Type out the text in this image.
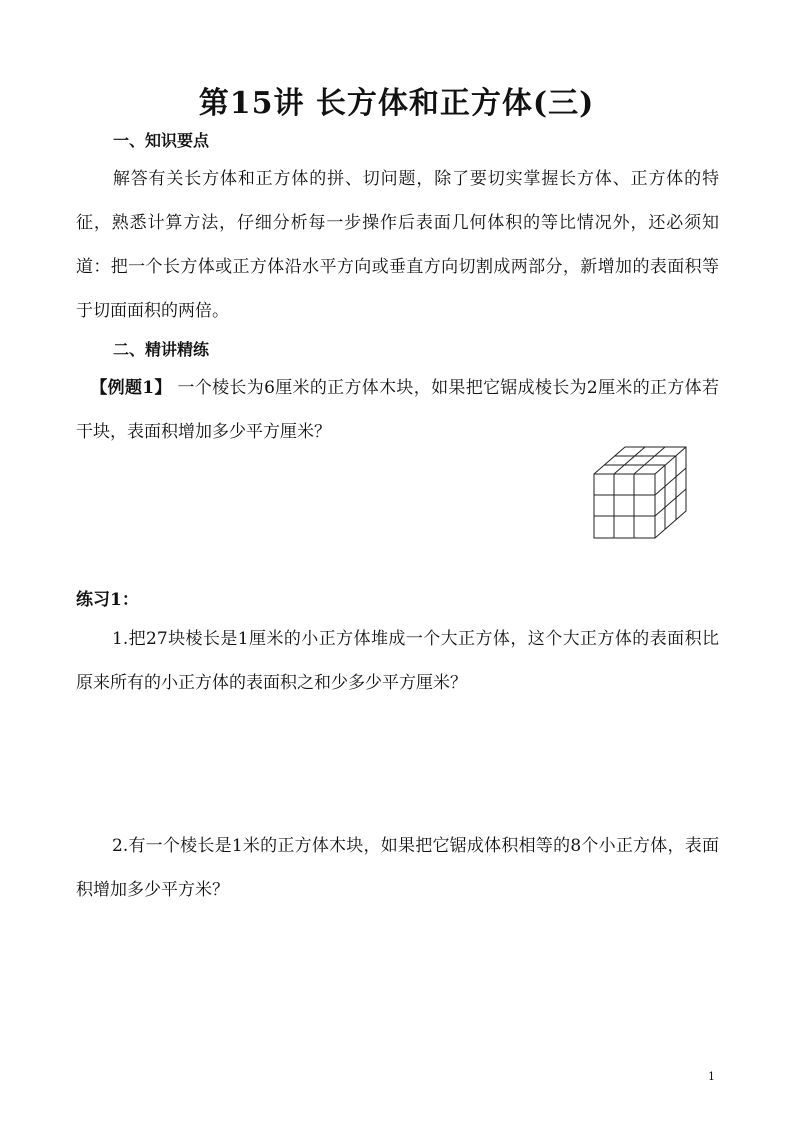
第15讲 长方体和正方体(三)
一、知识要点
解答有关长方体和正方体的拼、切问题，除了要切实掌握长方体、正方体的特征，熟悉计算方法，仔细分析每一步操作后表面几何体积的等比情况外，还必须知道：把一个长方体或正方体沿水平方向或垂直方向切割成两部分，新增加的表面积等于切面面积的两倍。
二、精讲精练
【例题1】 一个棱长为6厘米的正方体木块，如果把它锯成棱长为2厘米的正方体若干块，表面积增加多少平方厘米？
练习1：
1.把27块棱长是1厘米的小正方体堆成一个大正方体，这个大正方体的表面积比原来所有的小正方体的表面积之和少多少平方厘米？
2.有一个棱长是1米的正方体木块，如果把它锯成体积相等的8个小正方体，表面积增加多少平方米？
1
